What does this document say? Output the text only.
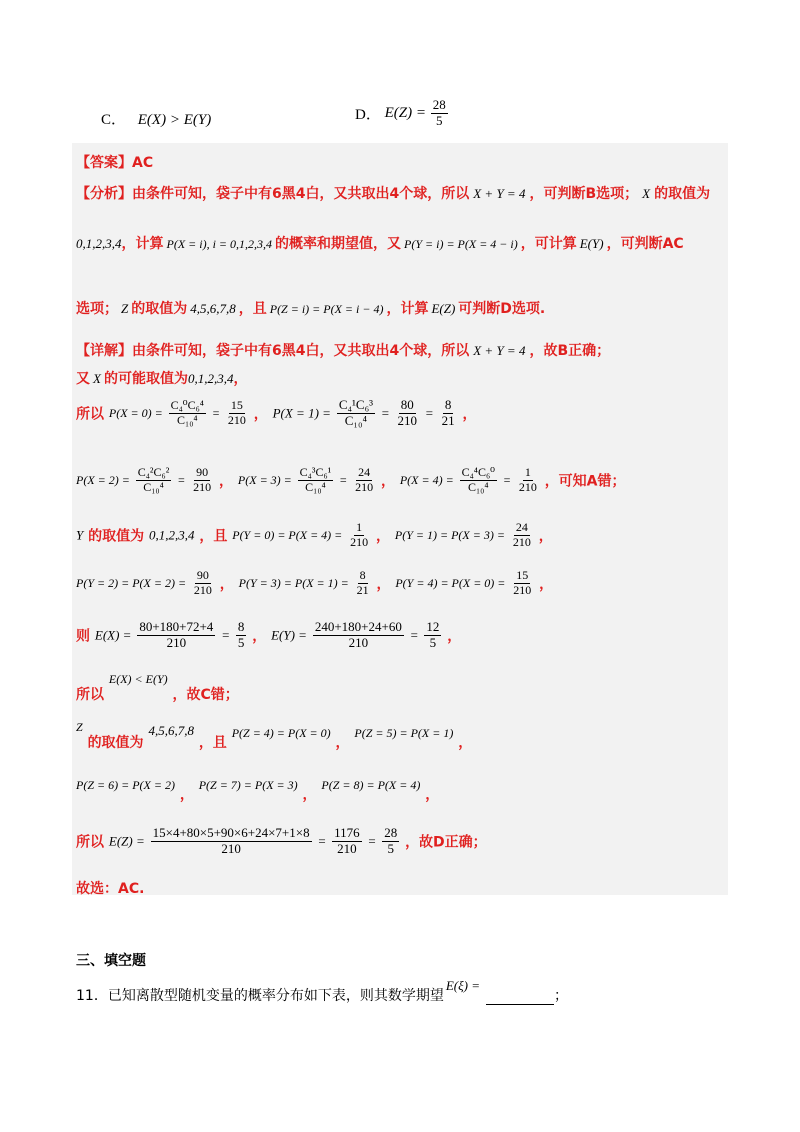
C． E(X) > E(Y)	D． $E(Z) = \frac{28}{5}$
【答案】AC
【分析】由条件可知，袋子中有6黑4白，又共取出4个球，所以 X + Y = 4 ，可判断B选项； X 的取值为
0,1,2,3,4，计算 P(X = i), i = 0,1,2,3,4 的概率和期望值，又 P(Y = i) = P(X = 4 − i) ，可计算 E(Y) ，可判断AC
选项； Z 的取值为 4,5,6,7,8 ，且 P(Z = i) = P(X = i − 4) ，计算 E(Z) 可判断D选项.
【详解】由条件可知，袋子中有6黑4白，又共取出4个球，所以 X + Y = 4 ，故B正确；
又 X 的可能取值为0,1,2,3,4，
所以 $P(X = 0) = \frac{\text{C₄⁰C₆⁴}}{\text{C₁₀⁴}} = \frac{15}{210}$ ， $P(X = 1) = \frac{\text{C₄¹C₆³}}{\text{C₁₀⁴}} = \frac{80}{210} = \frac{8}{21}$ ，
$P(X = 2) = \frac{\text{C₄²C₆²}}{\text{C₁₀⁴}} = \frac{90}{210}$ ， $P(X = 3) = \frac{\text{C₄³C₆¹}}{\text{C₁₀⁴}} = \frac{24}{210}$ ， $P(X = 4) = \frac{\text{C₄⁴C₆⁰}}{\text{C₁₀⁴}} = \frac{1}{210}$ ，可知A错；
Y 的取值为 0,1,2,3,4 ，且 $P(Y = 0) = P(X = 4) = \frac{1}{210}$ ， $P(Y = 1) = P(X = 3) = \frac{24}{210}$ ，
$P(Y = 2) = P(X = 2) = \frac{90}{210}$ ， $P(Y = 3) = P(X = 1) = \frac{8}{21}$ ， $P(Y = 4) = P(X = 0) = \frac{15}{210}$ ，
则 $E(X) = \frac{80+180+72+4}{210} = \frac{8}{5}$ ， $E(Y) = \frac{240+180+24+60}{210} = \frac{12}{5}$ ，
所以 E(X) < E(Y) ，故C错；
Z 的取值为 4,5,6,7,8 ，且 P(Z = 4) = P(X = 0) ， P(Z = 5) = P(X = 1) ，
P(Z = 6) = P(X = 2) ， P(Z = 7) = P(X = 3) ， P(Z = 8) = P(X = 4) ，
所以 $E(Z) = \frac{15\times 4+80\times 5+90\times 6+24\times 7+1\times 8}{210} = \frac{1176}{210} = \frac{28}{5}$ ，故D正确；
故选：AC.
三、填空题
11．已知离散型随机变量的概率分布如下表，则其数学期望E(ξ) =；
